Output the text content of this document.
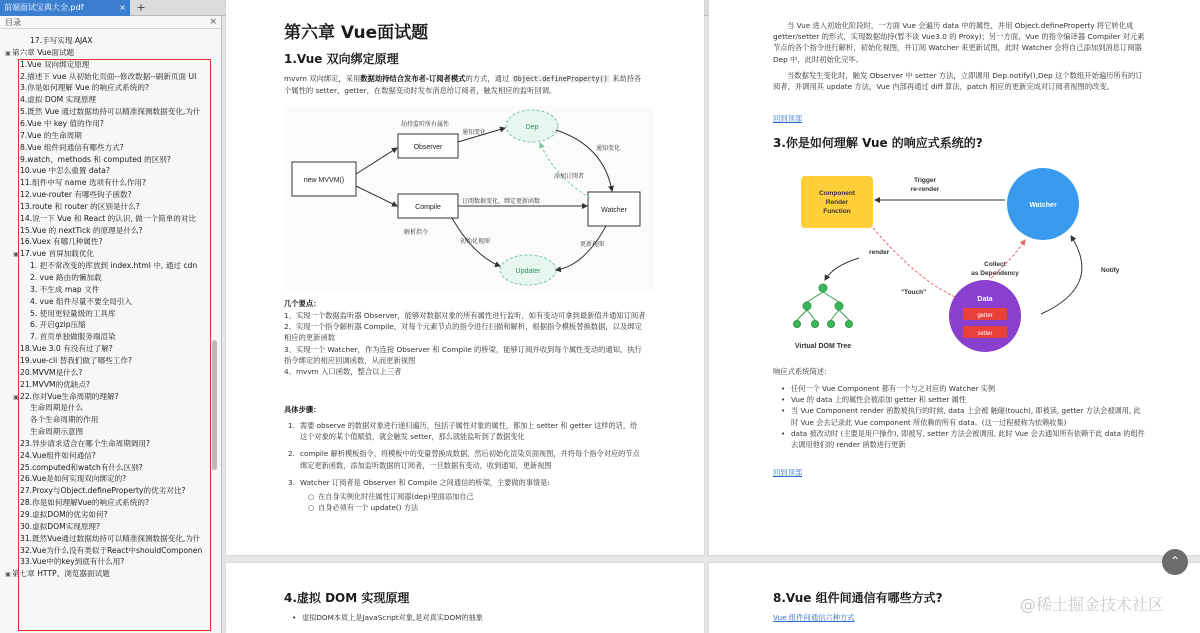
前端面试宝典大全.pdf	× +
目录	×
17.手写实现 AJAX
▣第六章 Vue面试题
1.Vue 双向绑定原理
2.描述下 vue 从初始化页面--修改数据--刷新页面 UI
3.你是如何理解 Vue 的响应式系统的?
4.虚拟 DOM 实现原理
5.既然 Vue 通过数据劫持可以精准探测数据变化,为什
6.Vue 中 key 值的作用?
7.Vue 的生命周期
8.Vue 组件间通信有哪些方式?
9.watch、methods 和 computed 的区别?
10.vue 中怎么重置 data?
11.组件中写 name 选项有什么作用?
12.vue-router 有哪些钩子函数?
13.route 和 router 的区别是什么?
14.说一下 Vue 和 React 的认识, 做一个简单的对比
15.Vue 的 nextTick 的原理是什么?
16.Vuex 有哪几种属性?
▣17.vue 首屏加载优化
1. 把不常改变的库放到 index.html 中, 通过 cdn
2. vue 路由的懒加载
3. 不生成 map 文件
4. vue 组件尽量不要全局引入
5. 使用更轻量级的工具库
6. 开启gzip压缩
7. 首页单独做服务端渲染
18.Vue 3.0 有没有过了解?
19.vue-cli 替我们做了哪些工作?
20.MVVM是什么?
21.MVVM的优缺点?
▣22.你对Vue生命周期的理解?
生命周期是什么
各个生命周期的作用
生命周期示意图
23.异步请求适合在哪个生命周期调用?
24.Vue组件如何通信?
25.computed和watch有什么区别?
26.Vue是如何实现双向绑定的?
27.Proxy与Object.defineProperty的优劣对比?
28.你是如何理解Vue的响应式系统的?
29.虚拟DOM的优劣如何?
30.虚拟DOM实现原理?
31.既然Vue通过数据劫持可以精准探测数据变化,为什
32.Vue为什么没有类似于React中shouldComponen
33.Vue中的key到底有什么用?
▣第七章 HTTP、浏览器面试题
第六章 Vue面试题
1.Vue 双向绑定原理
mvvm 双向绑定，采用数据劫持结合发布者-订阅者模式的方式，通过 Object.defineProperty() 来劫持各个属性的 setter，getter，在数据变动时发布消息给订阅者，触发相应的监听回调。
new MVVM()
Observer
Compile	Watcher
Dep
Updater
劫持监听所有属性
通知变化
通知变化
添加订阅者
订阅数据变化，绑定更新函数
解析指令
初始化视图	更新视图
几个要点：
1、实现一个数据监听器 Observer，能够对数据对象的所有属性进行监听，如有变动可拿到最新值并通知订阅者
2、实现一个指令解析器 Compile，对每个元素节点的指令进行扫描和解析，根据指令模板替换数据，以及绑定相应的更新函数
3、实现一个 Watcher，作为连接 Observer 和 Compile 的桥梁，能够订阅并收到每个属性变动的通知，执行指令绑定的相应回调函数，从而更新视图
4、mvvm 入口函数，整合以上三者
具体步骤：
1. 需要 observe 的数据对象进行递归遍历，包括子属性对象的属性，都加上 setter 和 getter 这样的话，给这个对象的某个值赋值，就会触发 setter，那么就能监听到了数据变化
2. compile 解析模板指令，将模板中的变量替换成数据，然后初始化渲染页面视图，并将每个指令对应的节点绑定更新函数，添加监听数据的订阅者，一旦数据有变动，收到通知，更新视图
3. Watcher 订阅者是 Observer 和 Compile 之间通信的桥梁，主要做的事情是:
○ 在自身实例化时往属性订阅器(dep)里面添加自己
○ 自身必须有一个 update() 方法
当 Vue 进入初始化阶段时，一方面 Vue 会遍历 data 中的属性，并用 Object.defineProperty 将它转化成 getter/setter 的形式，实现数据劫持(暂不谈 Vue3.0 的 Proxy)；另一方面，Vue 的指令编译器 Compiler 对元素节点的各个指令进行解析，初始化视图，并订阅 Watcher 来更新试图，此时 Watcher 会将自己添加到消息订阅器 Dep 中，此时初始化完毕。
当数据发生变化时，触发 Observer 中 setter 方法，立即调用 Dep.notify(),Dep 这个数组开始遍历所有的订阅者，并调用其 update 方法，Vue 内部再通过 diff 算法，patch 相应的更新完成对订阅者视图的改变。
回到顶部
3.你是如何理解 Vue 的响应式系统的?
Component Render Function
Watcher
Trigger re-render
render
"Touch"
Collect as Dependency	Notify
Data
getter
setter
Virtual DOM Tree
响应式系统简述:
• 任何一个 Vue Component 都有一个与之对应的 Watcher 实例
• Vue 的 data 上的属性会被添加 getter 和 setter 属性
• 当 Vue Component render 函数被执行的时候, data 上会被 触碰(touch), 即被读, getter 方法会被调用, 此时 Vue 会去记录此 Vue component 所依赖的所有 data。(这一过程被称为依赖收集)
• data 被改动时 (主要是用户操作), 即被写, setter 方法会被调用, 此时 Vue 会去通知所有依赖于此 data 的组件去调用他们的 render 函数进行更新
回到顶部
4.虚拟 DOM 实现原理
• 虚拟DOM本质上是JavaScript对象,是对真实DOM的抽象
8.Vue 组件间通信有哪些方式?
Vue 组件间通信六种方式
⌃
@稀土掘金技术社区
